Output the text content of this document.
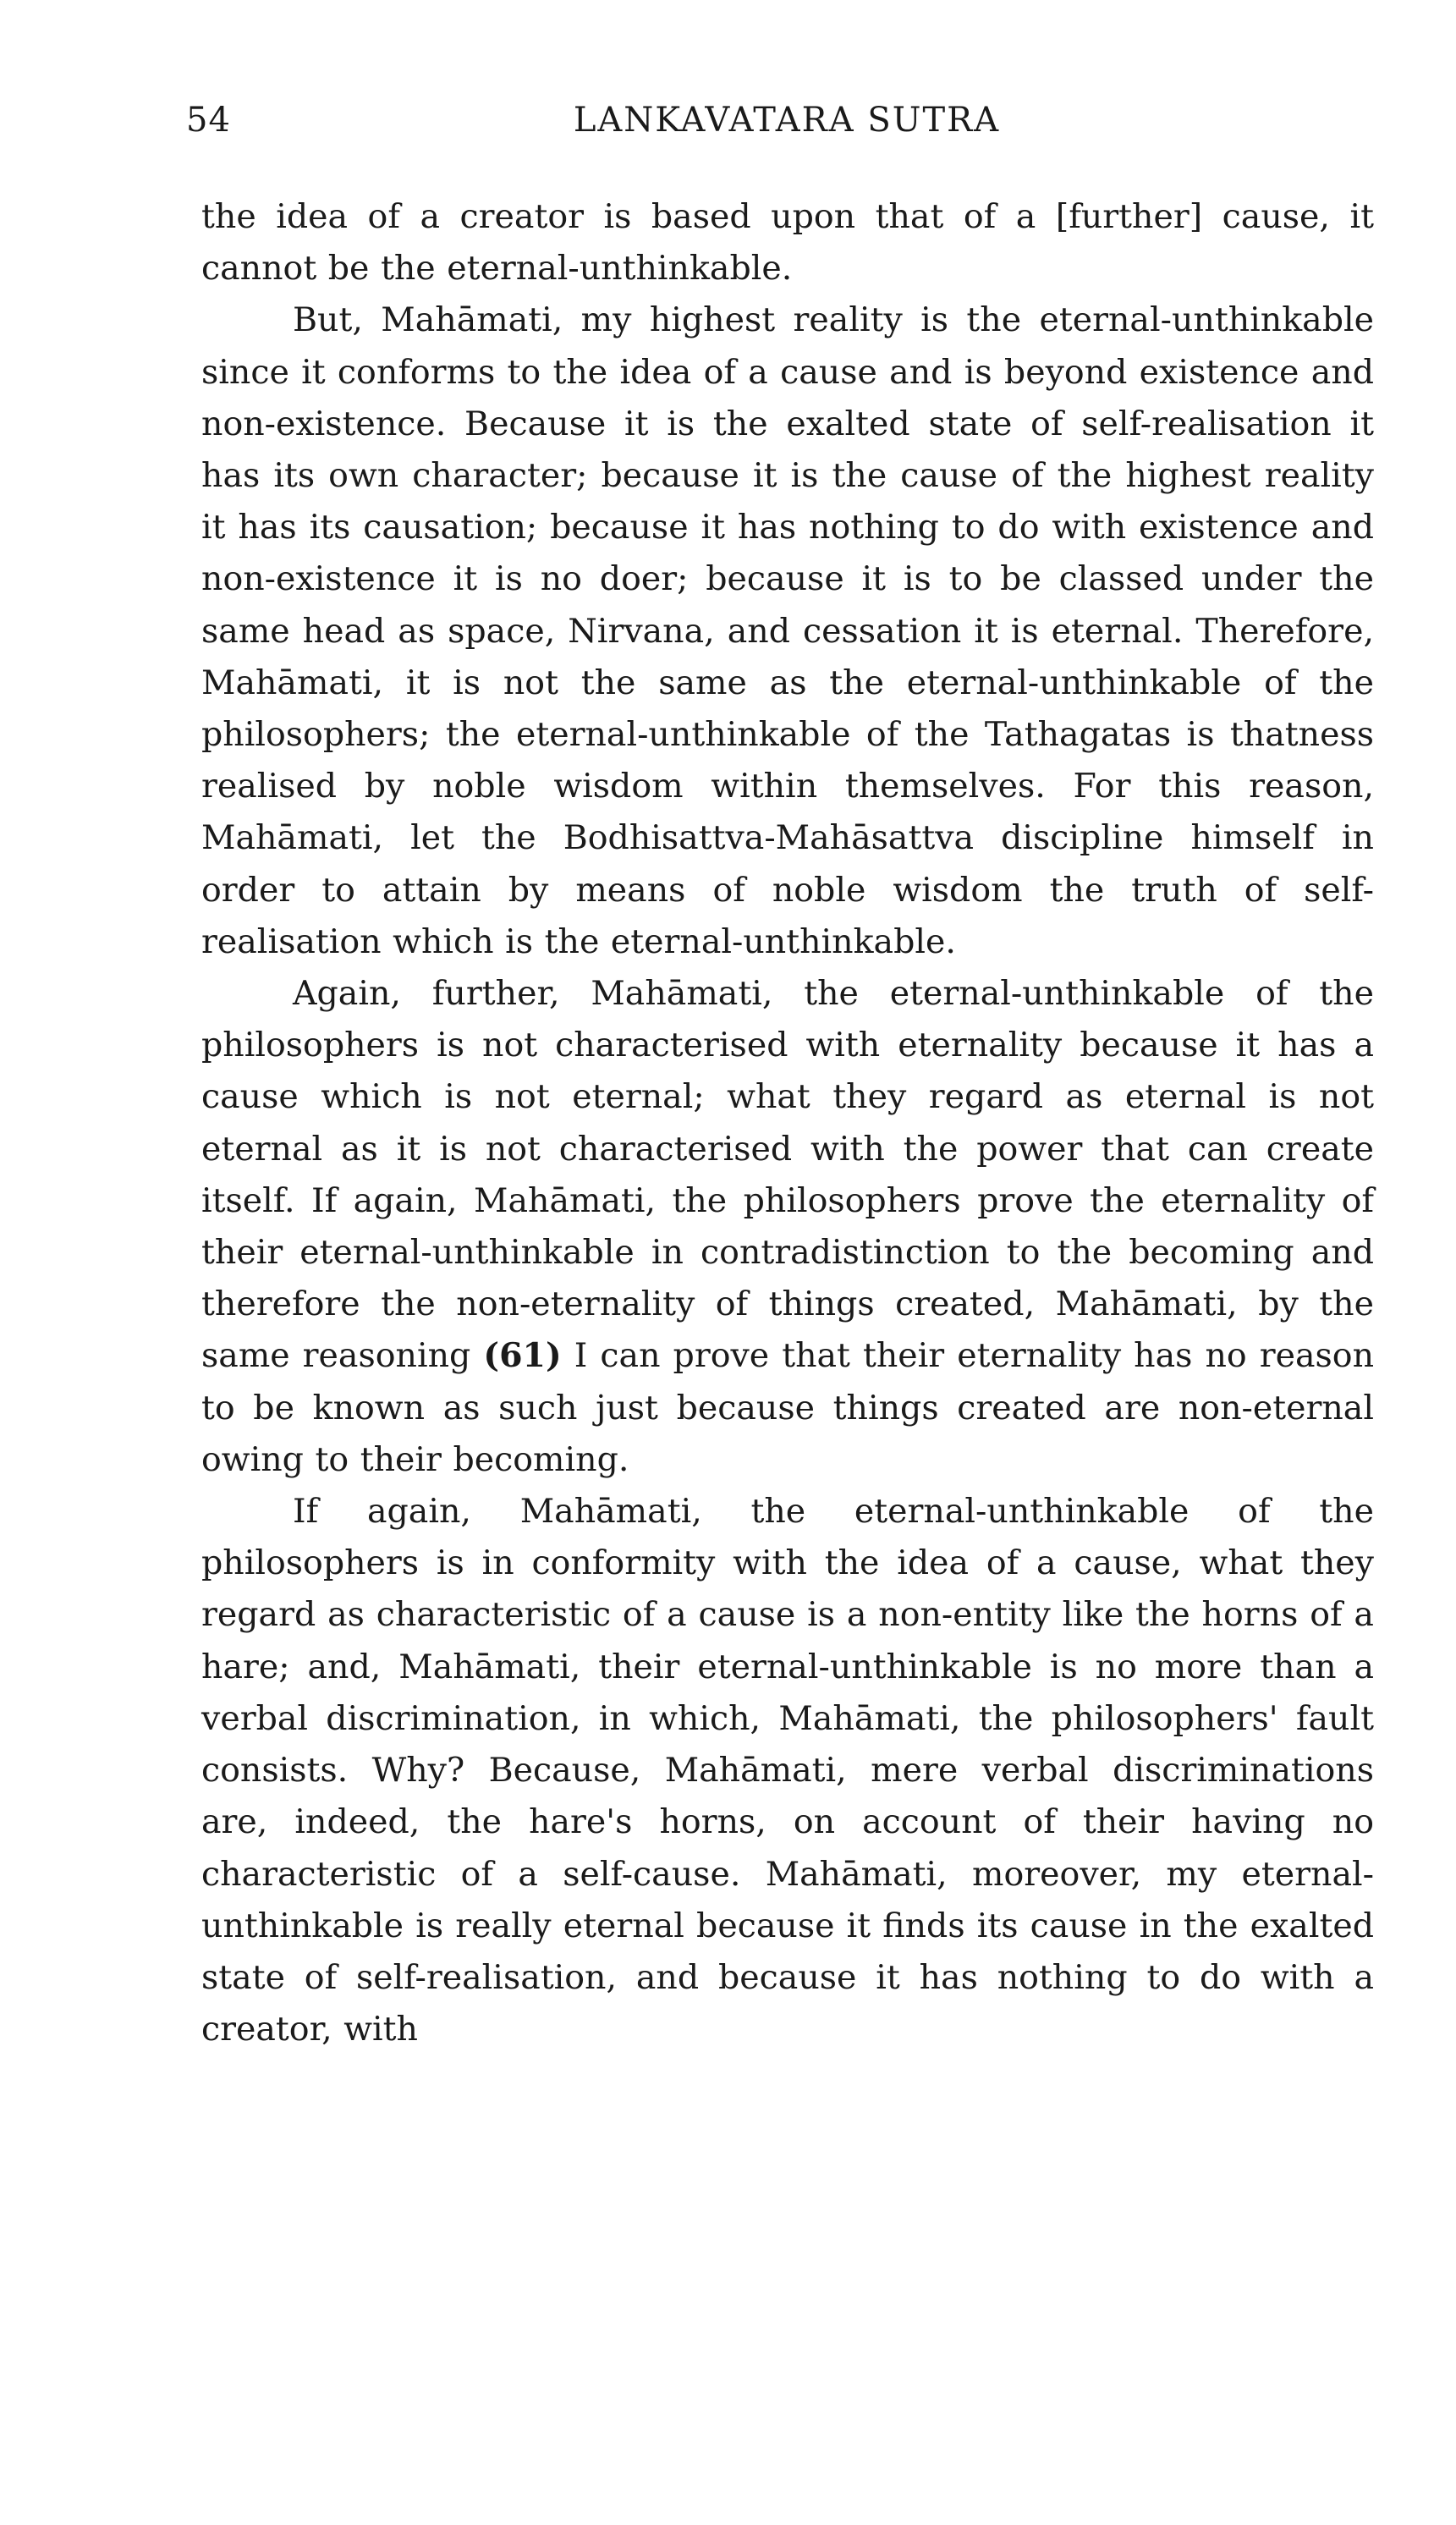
54	LANKAVATARA SUTRA

the idea of a creator is based upon that of a [further] cause, it cannot be the eternal-unthinkable.

But, Mahāmati, my highest reality is the eternal-unthinkable since it conforms to the idea of a cause and is beyond existence and non-existence. Because it is the exalted state of self-realisation it has its own character; because it is the cause of the highest reality it has its causation; because it has nothing to do with existence and non-existence it is no doer; because it is to be classed under the same head as space, Nirvana, and cessation it is eternal. Therefore, Mahāmati, it is not the same as the eternal-unthinkable of the philosophers; the eternal-unthinkable of the Tathagatas is thatness realised by noble wisdom within themselves. For this reason, Mahāmati, let the Bodhisattva-Mahāsattva discipline himself in order to attain by means of noble wisdom the truth of self-realisation which is the eternal-unthinkable.

Again, further, Mahāmati, the eternal-unthinkable of the philosophers is not characterised with eternality because it has a cause which is not eternal; what they regard as eternal is not eternal as it is not characterised with the power that can create itself. If again, Mahāmati, the philosophers prove the eternality of their eternal-unthinkable in contradistinction to the becoming and therefore the non-eternality of things created, Mahāmati, by the same reasoning (61) I can prove that their eternality has no reason to be known as such just because things created are non-eternal owing to their becoming.

If again, Mahāmati, the eternal-unthinkable of the philosophers is in conformity with the idea of a cause, what they regard as characteristic of a cause is a non-entity like the horns of a hare; and, Mahāmati, their eternal-unthinkable is no more than a verbal discrimination, in which, Mahāmati, the philosophers' fault consists. Why? Because, Mahāmati, mere verbal discriminations are, indeed, the hare's horns, on account of their having no characteristic of a self-cause. Mahāmati, moreover, my eternal-unthinkable is really eternal because it finds its cause in the exalted state of self-realisation, and because it has nothing to do with a creator, with
